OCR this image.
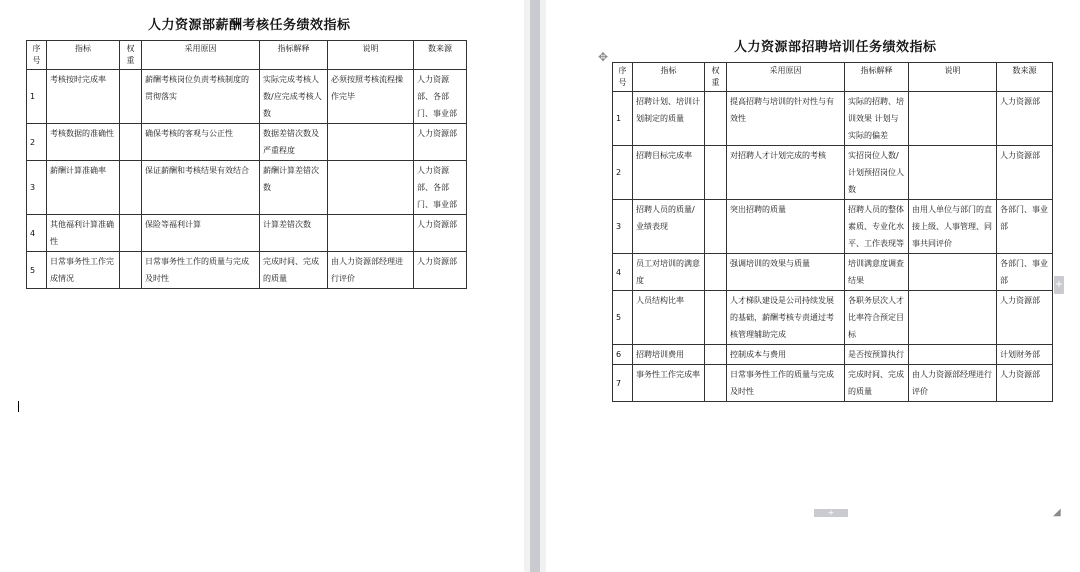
人力资源部薪酬考核任务绩效指标
序号	指标	权重	采用原因	指标解释	说明	数来源
1	考核按时完成率		薪酬考核岗位负责考核制度的贯彻落实	实际完成考核人数/应完成考核人数	必须按照考核流程操作完毕	人力资源部、各部门、事业部
2	考核数据的准确性		确保考核的客观与公正性	数据差错次数及严重程度		人力资源部
3	薪酬计算准确率		保证薪酬和考核结果有效结合	薪酬计算差错次数		人力资源部、各部门、事业部
4	其他福利计算准确性		保险等福利计算	计算差错次数		人力资源部
5	日常事务性工作完成情况		日常事务性工作的质量与完成及时性	完成时间、完成的质量	由人力资源部经理进行评价	人力资源部
✥
人力资源部招聘培训任务绩效指标
序号	指标	权重	采用原因	指标解释	说明	数来源
1	招聘计划、培训计划制定的质量		提高招聘与培训的针对性与有效性	实际的招聘、培训效果 计划与实际的偏差		人力资源部
2	招聘目标完成率		对招聘人才计划完成的考核	实招岗位人数/计划预招岗位人数		人力资源部
3	招聘人员的质量/业绩表现		突出招聘的质量	招聘人员的整体素质、专业化水平、工作表现等	由用人单位与部门的直接上级、人事管理、同事共同评价	各部门、事业部
4	员工对培训的满意度		强调培训的效果与质量	培训满意度调查结果		各部门、事业部
5	人员结构比率		人才梯队建设是公司持续发展的基础，薪酬考核专责通过考核管理辅助完成	各职务层次人才比率符合预定目标		人力资源部
6	招聘培训费用		控制成本与费用	是否按预算执行		计划财务部
7	事务性工作完成率		日常事务性工作的质量与完成及时性	完成时间、完成的质量	由人力资源部经理进行评价	人力资源部
+
+	◢
